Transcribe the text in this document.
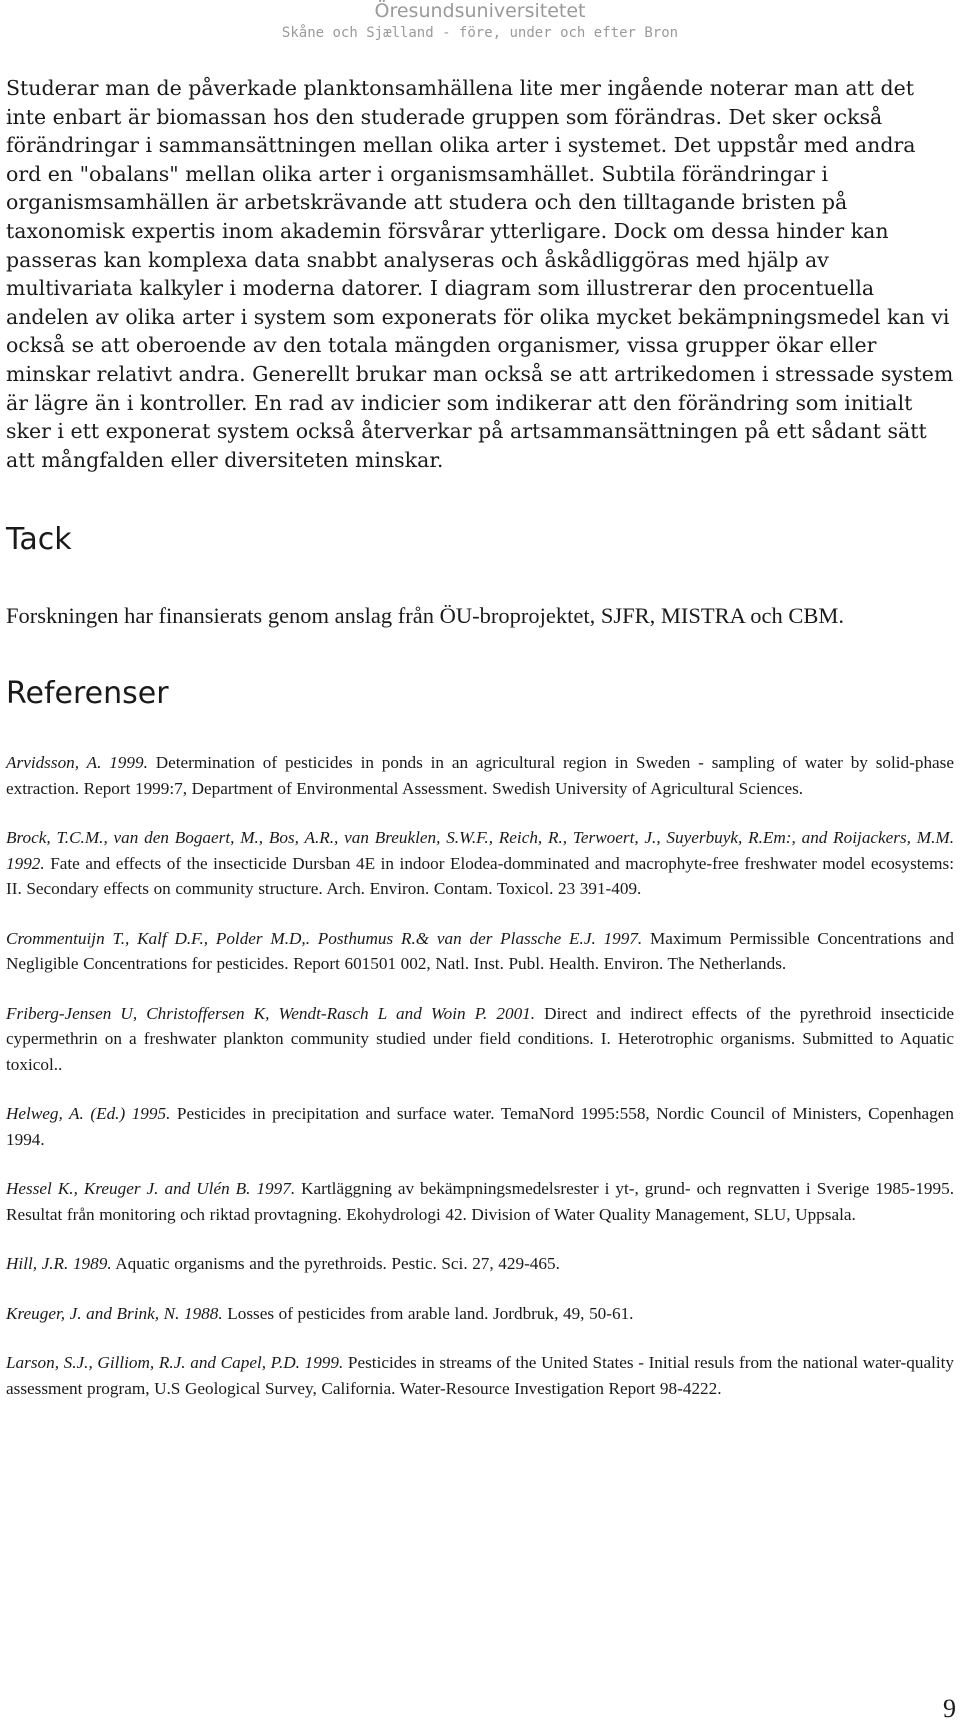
Öresundsuniversitetet
Skåne och Sjælland - före, under och efter Bron

Studerar man de påverkade planktonsamhällena lite mer ingående noterar man att det inte enbart är biomassan hos den studerade gruppen som förändras. Det sker också förändringar i sammansättningen mellan olika arter i systemet. Det uppstår med andra ord en "obalans" mellan olika arter i organismsamhället. Subtila förändringar i organismsamhällen är arbetskrävande att studera och den tilltagande bristen på taxonomisk expertis inom akademin försvårar ytterligare. Dock om dessa hinder kan passeras kan komplexa data snabbt analyseras och åskådliggöras med hjälp av multivariata kalkyler i moderna datorer. I diagram som illustrerar den procentuella andelen av olika arter i system som exponerats för olika mycket bekämpningsmedel kan vi också se att oberoende av den totala mängden organismer, vissa grupper ökar eller minskar relativt andra. Generellt brukar man också se att artrikedomen i stressade system är lägre än i kontroller. En rad av indicier som indikerar att den förändring som initialt sker i ett exponerat system också återverkar på artsammansättningen på ett sådant sätt att mångfalden eller diversiteten minskar.

Tack

Forskningen har finansierats genom anslag från ÖU-broprojektet, SJFR, MISTRA och CBM.

Referenser

Arvidsson, A. 1999. Determination of pesticides in ponds in an agricultural region in Sweden - sampling of water by solid-phase extraction. Report 1999:7, Department of Environmental Assessment. Swedish University of Agricultural Sciences.

Brock, T.C.M., van den Bogaert, M., Bos, A.R., van Breuklen, S.W.F., Reich, R., Terwoert, J., Suyerbuyk, R.Em:, and Roijackers, M.M. 1992. Fate and effects of the insecticide Dursban 4E in indoor Elodea-domminated and macrophyte-free freshwater model ecosystems: II. Secondary effects on community structure. Arch. Environ. Contam. Toxicol. 23 391-409.

Crommentuijn T., Kalf D.F., Polder M.D,. Posthumus R.& van der Plassche E.J. 1997. Maximum Permissible Concentrations and Negligible Concentrations for pesticides. Report 601501 002, Natl. Inst. Publ. Health. Environ. The Netherlands.

Friberg-Jensen U, Christoffersen K, Wendt-Rasch L and Woin P. 2001. Direct and indirect effects of the pyrethroid insecticide cypermethrin on a freshwater plankton community studied under field conditions. I. Heterotrophic organisms. Submitted to Aquatic toxicol..

Helweg, A. (Ed.) 1995. Pesticides in precipitation and surface water. TemaNord 1995:558, Nordic Council of Ministers, Copenhagen 1994.

Hessel K., Kreuger J. and Ulén B. 1997. Kartläggning av bekämpningsmedelsrester i yt-, grund- och regnvatten i Sverige 1985-1995. Resultat från monitoring och riktad provtagning. Ekohydrologi 42. Division of Water Quality Management, SLU, Uppsala.

Hill, J.R. 1989. Aquatic organisms and the pyrethroids. Pestic. Sci. 27, 429-465.

Kreuger, J. and Brink, N. 1988. Losses of pesticides from arable land. Jordbruk, 49, 50-61.

Larson, S.J., Gilliom, R.J. and Capel, P.D. 1999. Pesticides in streams of the United States - Initial resuls from the national water-quality assessment program, U.S Geological Survey, California. Water-Resource Investigation Report 98-4222.

9
